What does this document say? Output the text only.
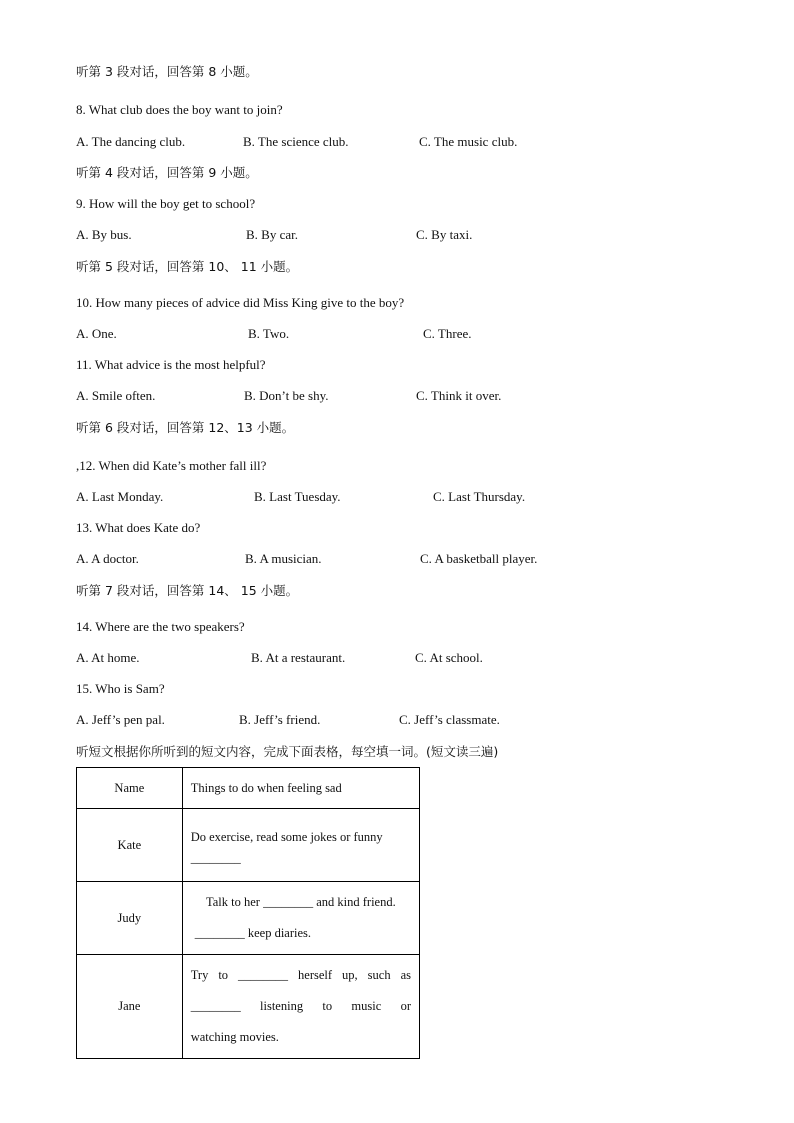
听第 3 段对话，回答第 8 小题。
8. What club does the boy want to join?
A. The dancing club.	B. The science club.	C. The music club.
听第 4 段对话，回答第 9 小题。
9. How will the boy get to school?
A. By bus.	B. By car.	C. By taxi.
听第 5 段对话，回答第 10、 11 小题。
10. How many pieces of advice did Miss King give to the boy?
A. One.	B. Two.	C. Three.
11. What advice is the most helpful?
A. Smile often.	B. Don’t be shy.	C. Think it over.
听第 6 段对话，回答第 12、13 小题。
,12. When did Kate’s mother fall ill?
A. Last Monday.	B. Last Tuesday.	C. Last Thursday.
13. What does Kate do?
A. A doctor.	B. A musician.	C. A basketball player.
听第 7 段对话，回答第 14、 15 小题。
14. Where are the two speakers?
A. At home.	B. At a restaurant.	C. At school.
15. Who is Sam?
A. Jeff’s pen pal.	B. Jeff’s friend.	C. Jeff’s classmate.
听短文根据你所听到的短文内容，完成下面表格，每空填一词。(短文读三遍)
Name	Things to do when feeling sad
Kate	Do exercise, read some jokes or funny
________

Judy	Talk to her ________ and kind friend.
________ keep diaries.

Jane	Try to ________ herself up, such as
________ listening to music or
watching movies.
